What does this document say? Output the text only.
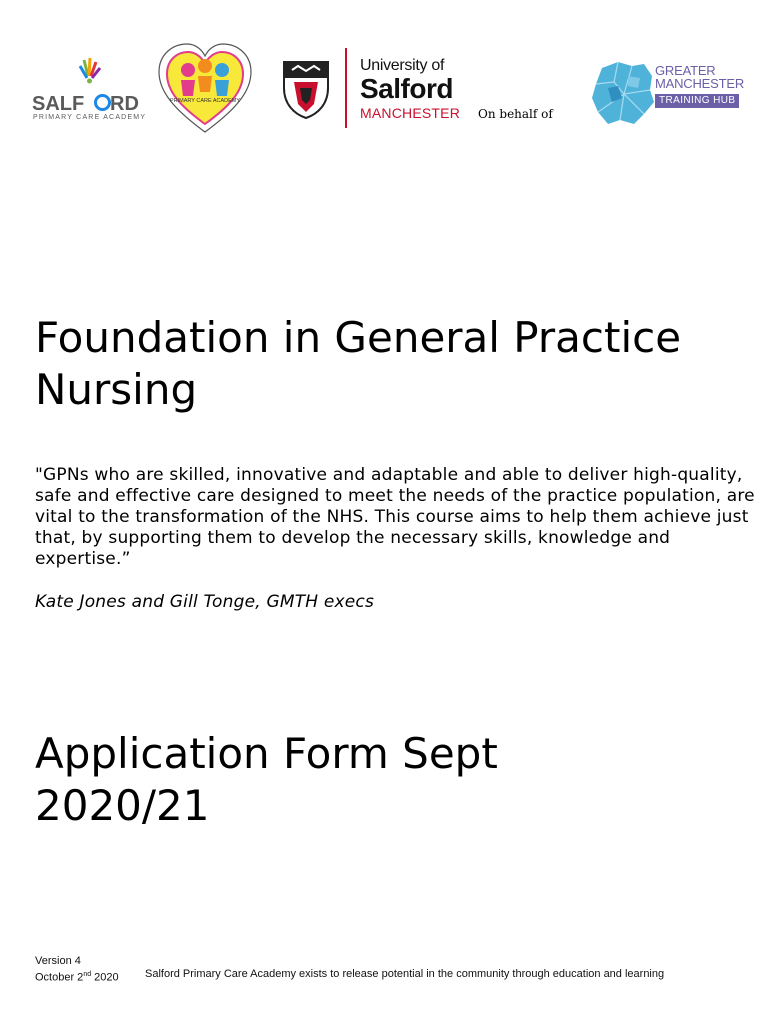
SALF RD
PRIMARY CARE ACADEMY
PRIMARY CARE ACADEMY
University of
Salford
MANCHESTER	On behalf of
GREATER
MANCHESTER
TRAINING HUB
Foundation in General Practice
Nursing

"GPNs who are skilled, innovative and adaptable and able to deliver high-quality, safe and effective care designed to meet the needs of the practice population, are vital to the transformation of the NHS. This course aims to help them achieve just that, by supporting them to develop the necessary skills, knowledge and expertise.”

Kate Jones and Gill Tonge, GMTH execs

Application Form Sept
2020/21
Version 4
October 2nd 2020	Salford Primary Care Academy exists to release potential in the community through education and learning
